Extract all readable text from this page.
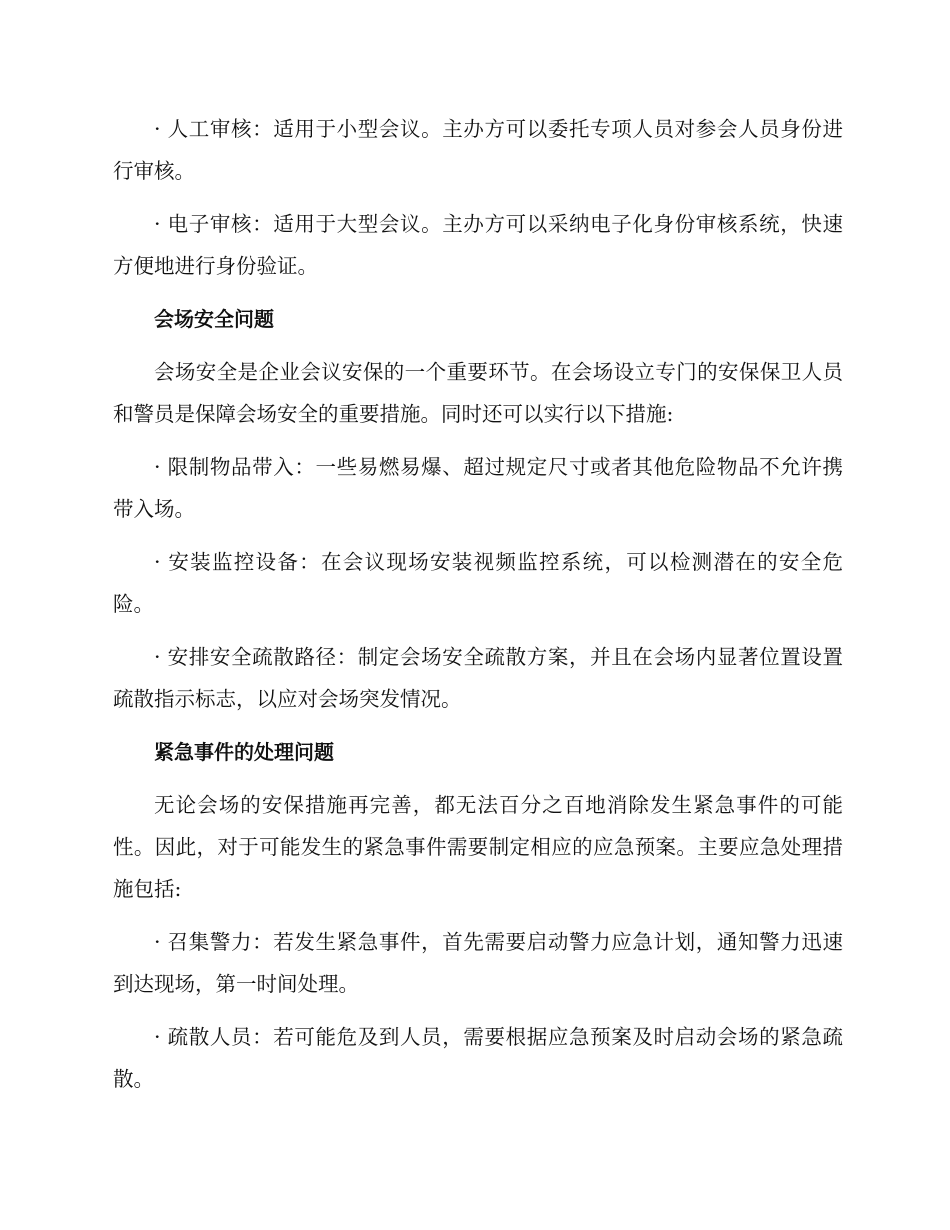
· 人工审核：适用于小型会议。主办方可以委托专项人员对参会人员身份进行审核。

· 电子审核：适用于大型会议。主办方可以采纳电子化身份审核系统，快速方便地进行身份验证。

会场安全问题

会场安全是企业会议安保的一个重要环节。在会场设立专门的安保保卫人员和警员是保障会场安全的重要措施。同时还可以实行以下措施:

· 限制物品带入：一些易燃易爆、超过规定尺寸或者其他危险物品不允许携带入场。

· 安装监控设备：在会议现场安装视频监控系统，可以检测潜在的安全危险。

· 安排安全疏散路径：制定会场安全疏散方案，并且在会场内显著位置设置疏散指示标志，以应对会场突发情况。

紧急事件的处理问题

无论会场的安保措施再完善，都无法百分之百地消除发生紧急事件的可能性。因此，对于可能发生的紧急事件需要制定相应的应急预案。主要应急处理措施包括:

· 召集警力：若发生紧急事件，首先需要启动警力应急计划，通知警力迅速到达现场，第一时间处理。

· 疏散人员：若可能危及到人员，需要根据应急预案及时启动会场的紧急疏散。
